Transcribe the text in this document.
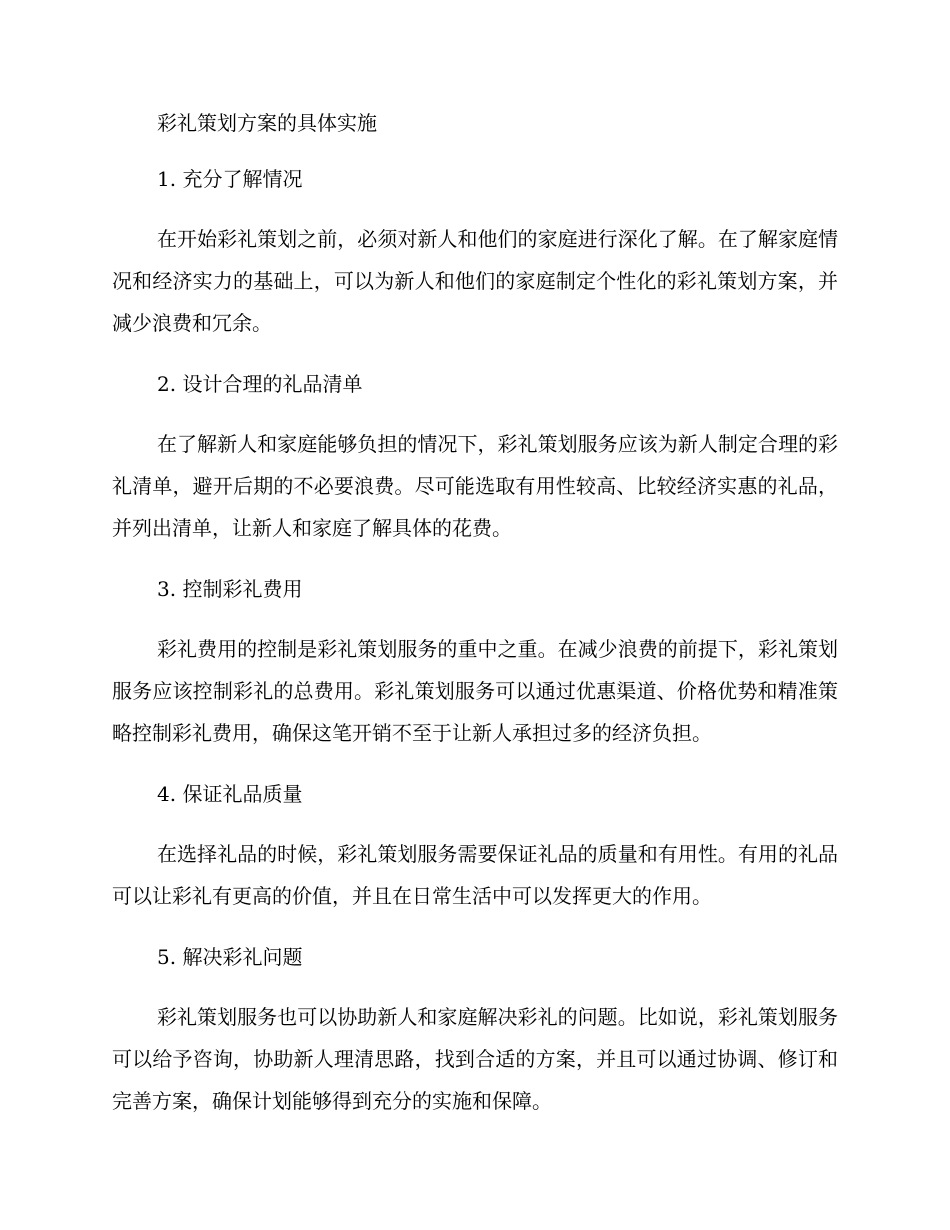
彩礼策划方案的具体实施
1. 充分了解情况

在开始彩礼策划之前，必须对新人和他们的家庭进行深化了解。在了解家庭情况和经济实力的基础上，可以为新人和他们的家庭制定个性化的彩礼策划方案，并减少浪费和冗余。

2. 设计合理的礼品清单

在了解新人和家庭能够负担的情况下，彩礼策划服务应该为新人制定合理的彩礼清单，避开后期的不必要浪费。尽可能选取有用性较高、比较经济实惠的礼品，并列出清单，让新人和家庭了解具体的花费。

3. 控制彩礼费用

彩礼费用的控制是彩礼策划服务的重中之重。在减少浪费的前提下，彩礼策划服务应该控制彩礼的总费用。彩礼策划服务可以通过优惠渠道、价格优势和精准策略控制彩礼费用，确保这笔开销不至于让新人承担过多的经济负担。

4. 保证礼品质量

在选择礼品的时候，彩礼策划服务需要保证礼品的质量和有用性。有用的礼品可以让彩礼有更高的价值，并且在日常生活中可以发挥更大的作用。

5. 解决彩礼问题

彩礼策划服务也可以协助新人和家庭解决彩礼的问题。比如说，彩礼策划服务可以给予咨询，协助新人理清思路，找到合适的方案，并且可以通过协调、修订和完善方案，确保计划能够得到充分的实施和保障。
